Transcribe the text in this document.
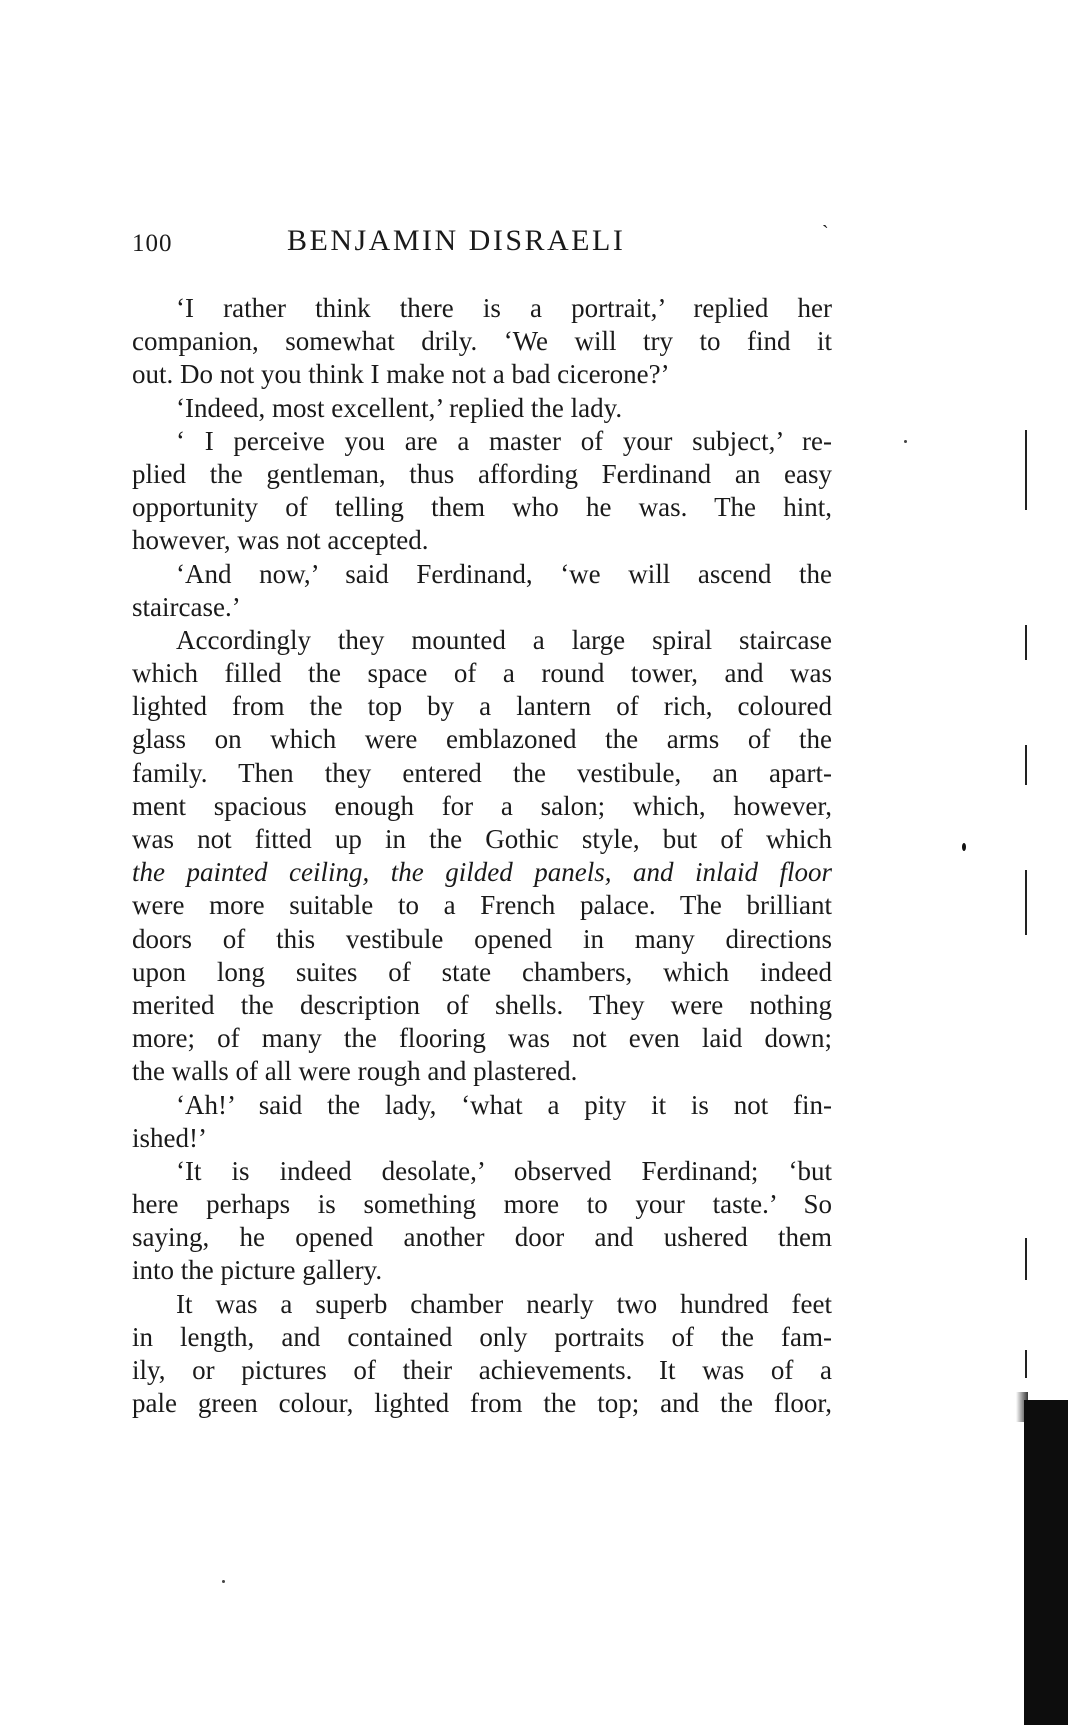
100	BENJAMIN DISRAELI	`
‘I rather think there is a portrait,’ replied her
companion, somewhat drily. ‘We will try to find it
out. Do not you think I make not a bad cicerone?’
‘Indeed, most excellent,’ replied the lady.
‘ I perceive you are a master of your subject,’ re-
plied the gentleman, thus affording Ferdinand an easy
opportunity of telling them who he was. The hint,
however, was not accepted.
‘And now,’ said Ferdinand, ‘we will ascend the
staircase.’
Accordingly they mounted a large spiral staircase
which filled the space of a round tower, and was
lighted from the top by a lantern of rich, coloured
glass on which were emblazoned the arms of the
family. Then they entered the vestibule, an apart-
ment spacious enough for a salon; which, however,
was not fitted up in the Gothic style, but of which
the painted ceiling, the gilded panels, and inlaid floor
were more suitable to a French palace. The brilliant
doors of this vestibule opened in many directions
upon long suites of state chambers, which indeed
merited the description of shells. They were nothing
more; of many the flooring was not even laid down;
the walls of all were rough and plastered.
‘Ah!’ said the lady, ‘what a pity it is not fin-
ished!’
‘It is indeed desolate,’ observed Ferdinand; ‘but
here perhaps is something more to your taste.’ So
saying, he opened another door and ushered them
into the picture gallery.
It was a superb chamber nearly two hundred feet
in length, and contained only portraits of the fam-
ily, or pictures of their achievements. It was of a
pale green colour, lighted from the top; and the floor,
